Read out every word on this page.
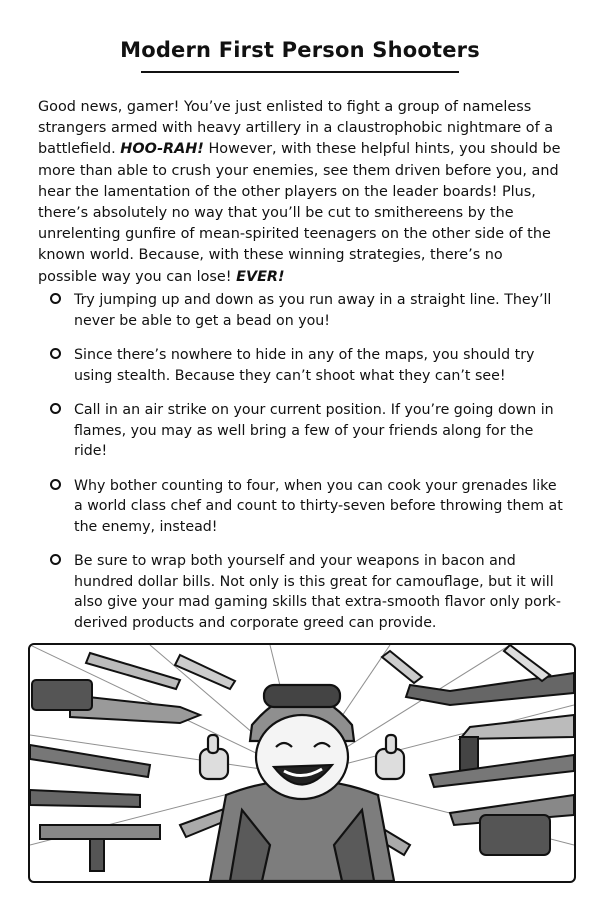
Modern First Person Shooters

Good news, gamer! You’ve just enlisted to fight a group of nameless strangers armed with heavy artillery in a claustrophobic nightmare of a battlefield. HOO-RAH! However, with these helpful hints, you should be more than able to crush your enemies, see them driven before you, and hear the lamentation of the other players on the leader boards! Plus, there’s absolutely no way that you’ll be cut to smithereens by the unrelenting gunfire of mean-spirited teenagers on the other side of the known world. Because, with these winning strategies, there’s no possible way you can lose! EVER!

Try jumping up and down as you run away in a straight line. They’ll never be able to get a bead on you!
Since there’s nowhere to hide in any of the maps, you should try using stealth. Because they can’t shoot what they can’t see!
Call in an air strike on your current position. If you’re going down in flames, you may as well bring a few of your friends along for the ride!
Why bother counting to four, when you can cook your grenades like a world class chef and count to thirty-seven before throwing them at the enemy, instead!
Be sure to wrap both yourself and your weapons in bacon and hundred dollar bills. Not only is this great for camouflage, but it will also give your mad gaming skills that extra-smooth flavor only pork-derived products and corporate greed can provide.
